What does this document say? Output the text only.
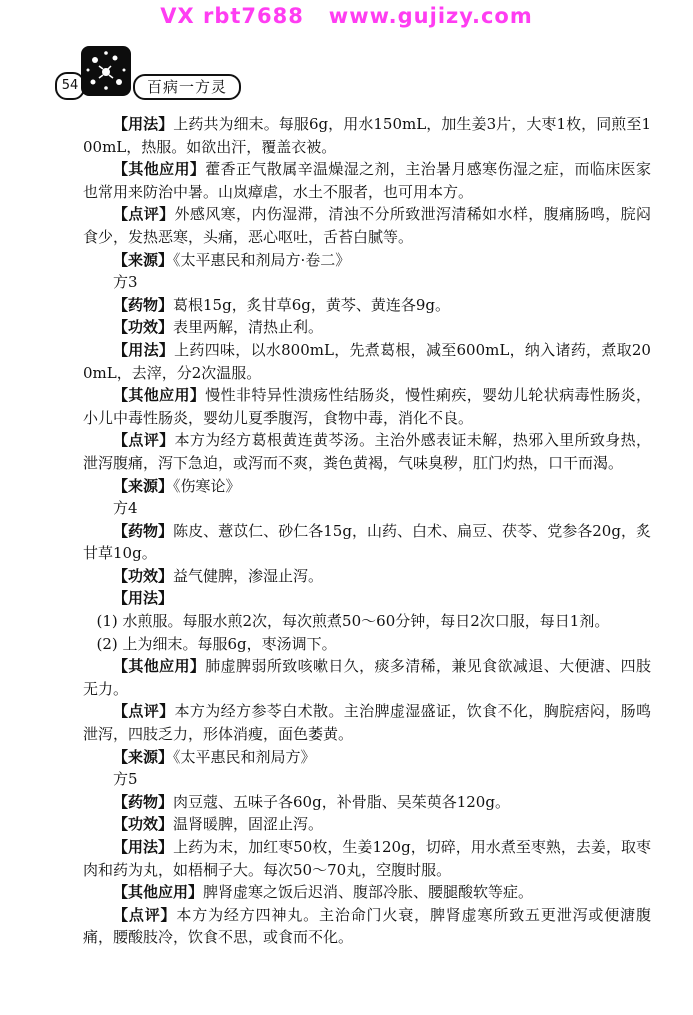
VX rbt7688   www.gujizy.com
54	百病一方灵
【用法】上药共为细末。每服6g，用水150mL，加生姜3片，大枣1枚，同煎至100mL，热服。如欲出汗，覆盖衣被。
【其他应用】藿香正气散属辛温燥湿之剂，主治暑月感寒伤湿之症，而临床医家也常用来防治中暑。山岚瘴虐，水土不服者，也可用本方。
【点评】外感风寒，内伤湿滞，清浊不分所致泄泻清稀如水样，腹痛肠鸣，脘闷食少，发热恶寒，头痛，恶心呕吐，舌苔白腻等。
【来源】《太平惠民和剂局方·卷二》
方3
【药物】葛根15g，炙甘草6g，黄芩、黄连各9g。
【功效】表里两解，清热止利。
【用法】上药四味，以水800mL，先煮葛根，减至600mL，纳入诸药，煮取200mL，去滓，分2次温服。
【其他应用】慢性非特异性溃疡性结肠炎，慢性痢疾，婴幼儿轮状病毒性肠炎，小儿中毒性肠炎，婴幼儿夏季腹泻，食物中毒，消化不良。
【点评】本方为经方葛根黄连黄芩汤。主治外感表证未解，热邪入里所致身热，泄泻腹痛，泻下急迫，或泻而不爽，粪色黄褐，气味臭秽，肛门灼热，口干而渴。
【来源】《伤寒论》
方4
【药物】陈皮、薏苡仁、砂仁各15g，山药、白术、扁豆、茯苓、党参各20g，炙甘草10g。
【功效】益气健脾，渗湿止泻。
【用法】
(1) 水煎服。每服水煎2次，每次煎煮50～60分钟，每日2次口服，每日1剂。
(2) 上为细末。每服6g，枣汤调下。
【其他应用】肺虚脾弱所致咳嗽日久，痰多清稀，兼见食欲减退、大便溏、四肢无力。
【点评】本方为经方参苓白术散。主治脾虚湿盛证，饮食不化，胸脘痞闷，肠鸣泄泻，四肢乏力，形体消瘦，面色萎黄。
【来源】《太平惠民和剂局方》
方5
【药物】肉豆蔻、五味子各60g，补骨脂、吴茱萸各120g。
【功效】温肾暖脾，固涩止泻。
【用法】上药为末，加红枣50枚，生姜120g，切碎，用水煮至枣熟，去姜，取枣肉和药为丸，如梧桐子大。每次50～70丸，空腹时服。
【其他应用】脾肾虚寒之饭后迟消、腹部冷胀、腰腿酸软等症。
【点评】本方为经方四神丸。主治命门火衰，脾肾虚寒所致五更泄泻或便溏腹痛，腰酸肢冷，饮食不思，或食而不化。
